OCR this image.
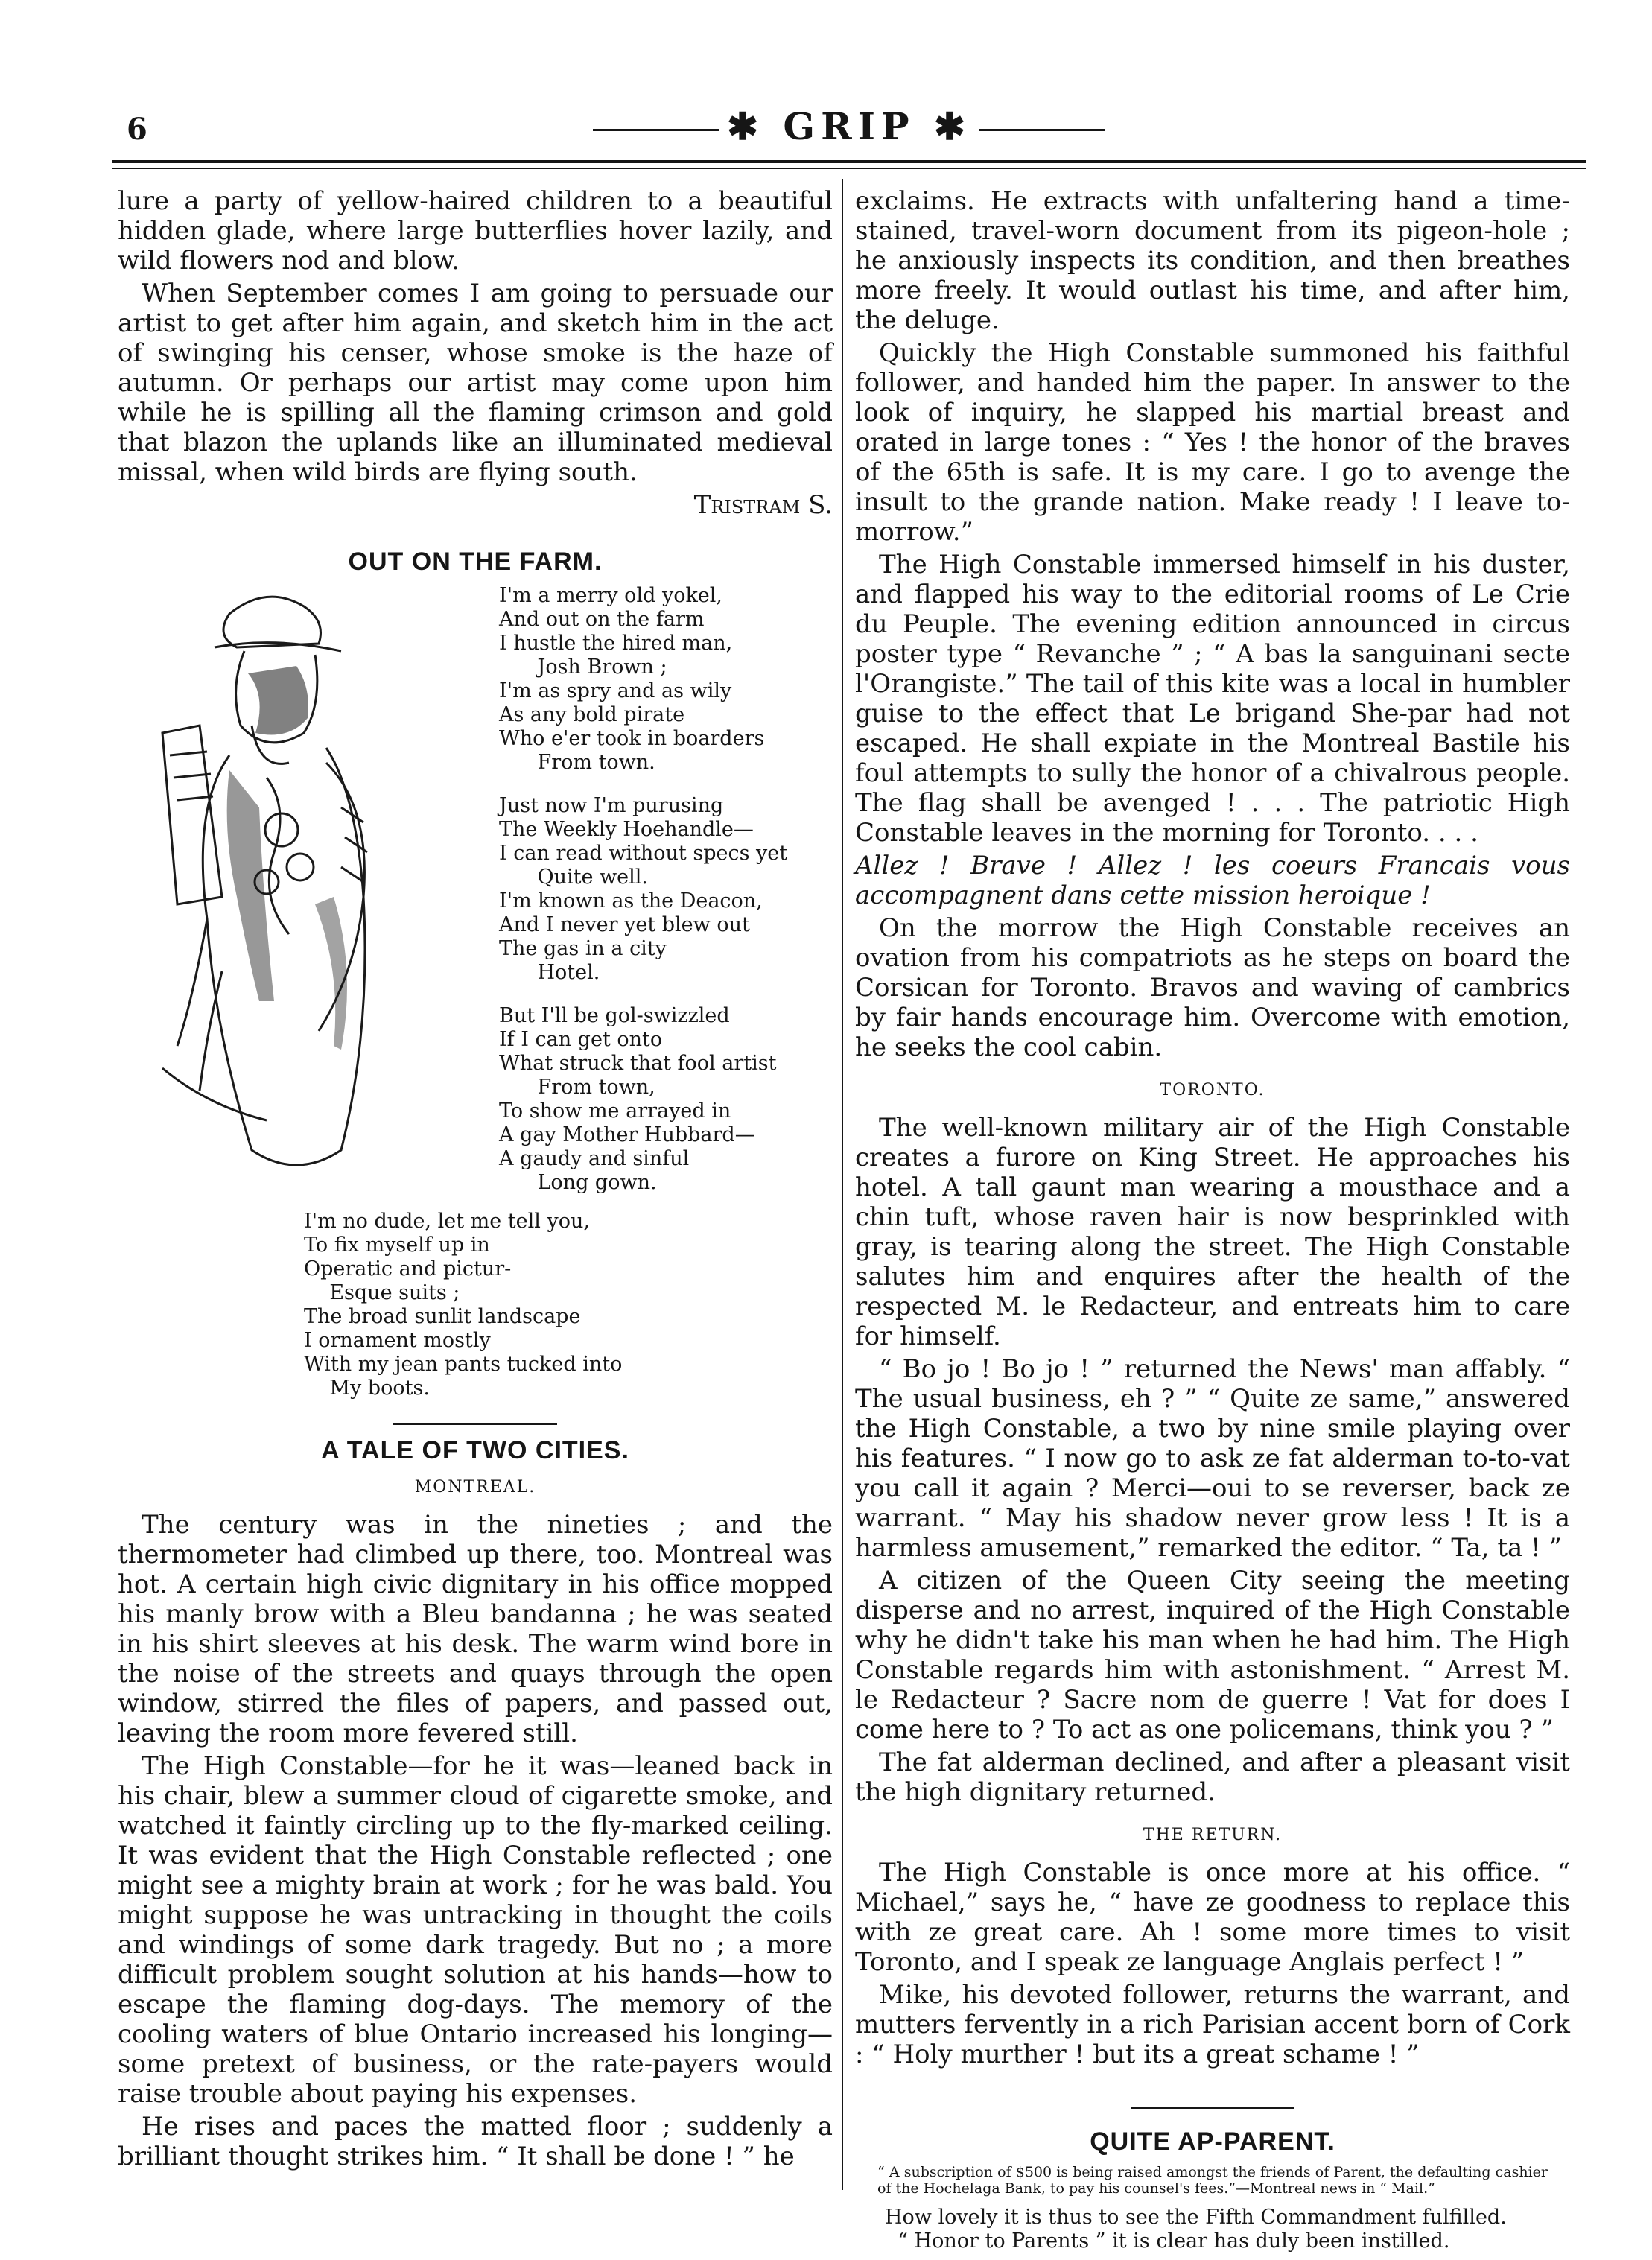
6	✱ GRIP ✱

lure a party of yellow-haired children to a beautiful hidden glade, where large butterflies hover lazily, and wild flowers nod and blow.

When September comes I am going to persuade our artist to get after him again, and sketch him in the act of swinging his censer, whose smoke is the haze of autumn. Or perhaps our artist may come upon him while he is spilling all the flaming crimson and gold that blazon the uplands like an illuminated medieval missal, when wild birds are flying south.

Tristram S.
OUT ON THE FARM.
I'm a merry old yokel,
And out on the farm
I hustle the hired man,
Josh Brown ;
I'm as spry and as wily
As any bold pirate
Who e'er took in boarders
From town.
Just now I'm purusing
The Weekly Hoehandle—
I can read without specs yet
Quite well.
I'm known as the Deacon,
And I never yet blew out
The gas in a city
Hotel.
But I'll be gol-swizzled
If I can get onto
What struck that fool artist
From town,
To show me arrayed in
A gay Mother Hubbard—
A gaudy and sinful
Long gown.
I'm no dude, let me tell you,
To fix myself up in
Operatic and pictur-
Esque suits ;
The broad sunlit landscape
I ornament mostly
With my jean pants tucked into
My boots.
A TALE OF TWO CITIES.
MONTREAL.

The century was in the nineties ; and the thermometer had climbed up there, too. Montreal was hot. A certain high civic dignitary in his office mopped his manly brow with a Bleu bandanna ; he was seated in his shirt sleeves at his desk. The warm wind bore in the noise of the streets and quays through the open window, stirred the files of papers, and passed out, leaving the room more fevered still.

The High Constable—for he it was—leaned back in his chair, blew a summer cloud of cigarette smoke, and watched it faintly circling up to the fly-marked ceiling. It was evident that the High Constable reflected ; one might see a mighty brain at work ; for he was bald. You might suppose he was untracking in thought the coils and windings of some dark tragedy. But no ; a more difficult problem sought solution at his hands—how to escape the flaming dog-days. The memory of the cooling waters of blue Ontario increased his longing—some pretext of business, or the rate-payers would raise trouble about paying his expenses.

He rises and paces the matted floor ; suddenly a brilliant thought strikes him. “ It shall be done ! ” he

exclaims. He extracts with unfaltering hand a time-stained, travel-worn document from its pigeon-hole ; he anxiously inspects its condition, and then breathes more freely. It would outlast his time, and after him, the deluge.

Quickly the High Constable summoned his faithful follower, and handed him the paper. In answer to the look of inquiry, he slapped his martial breast and orated in large tones : “ Yes ! the honor of the braves of the 65th is safe. It is my care. I go to avenge the insult to the grande nation. Make ready ! I leave to-morrow.”

The High Constable immersed himself in his duster, and flapped his way to the editorial rooms of Le Crie du Peuple. The evening edition announced in circus poster type “ Revanche ” ; “ A bas la sanguinani secte l'Orangiste.” The tail of this kite was a local in humbler guise to the effect that Le brigand She-par had not escaped. He shall expiate in the Montreal Bastile his foul attempts to sully the honor of a chivalrous people. The flag shall be avenged ! . . . The patriotic High Constable leaves in the morning for Toronto. . . .

Allez ! Brave ! Allez ! les coeurs Francais vous accompagnent dans cette mission heroique !

On the morrow the High Constable receives an ovation from his compatriots as he steps on board the Corsican for Toronto. Bravos and waving of cambrics by fair hands encourage him. Overcome with emotion, he seeks the cool cabin.

TORONTO.

The well-known military air of the High Constable creates a furore on King Street. He approaches his hotel. A tall gaunt man wearing a mousthace and a chin tuft, whose raven hair is now besprinkled with gray, is tearing along the street. The High Constable salutes him and enquires after the health of the respected M. le Redacteur, and entreats him to care for himself.

“ Bo jo ! Bo jo ! ” returned the News' man affably. “ The usual business, eh ? ” “ Quite ze same,” answered the High Constable, a two by nine smile playing over his features. “ I now go to ask ze fat alderman to-to-vat you call it again ? Merci—oui to se reverser, back ze warrant. “ May his shadow never grow less ! It is a harmless amusement,” remarked the editor. “ Ta, ta ! ”

A citizen of the Queen City seeing the meeting disperse and no arrest, inquired of the High Constable why he didn't take his man when he had him. The High Constable regards him with astonishment. “ Arrest M. le Redacteur ? Sacre nom de guerre ! Vat for does I come here to ? To act as one policemans, think you ? ”

The fat alderman declined, and after a pleasant visit the high dignitary returned.

THE RETURN.

The High Constable is once more at his office. “ Michael,” says he, “ have ze goodness to replace this with ze great care. Ah ! some more times to visit Toronto, and I speak ze language Anglais perfect ! ”

Mike, his devoted follower, returns the warrant, and mutters fervently in a rich Parisian accent born of Cork : “ Holy murther ! but its a great schame ! ”

QUITE AP-PARENT.
“ A subscription of $500 is being raised amongst the friends of Parent, the defaulting cashier of the Hochelaga Bank, to pay his counsel's fees.”—Montreal news in “ Mail.”
How lovely it is thus to see the Fifth Commandment fulfilled.
“ Honor to Parents ” it is clear has duly been instilled.
